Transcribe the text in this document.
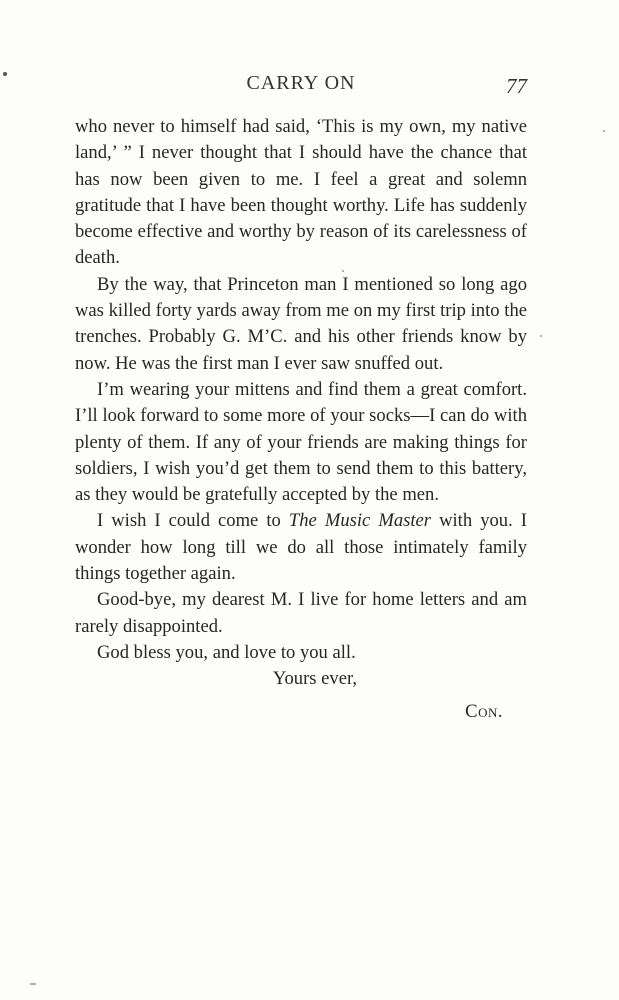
CARRY ON	77

who never to himself had said, ‘This is my own, my native land,’ ” I never thought that I should have the chance that has now been given to me. I feel a great and solemn gratitude that I have been thought worthy. Life has suddenly become effective and worthy by reason of its carelessness of death.

By the way, that Princeton man I mentioned so long ago was killed forty yards away from me on my first trip into the trenches. Probably G. M’C. and his other friends know by now. He was the first man I ever saw snuffed out.

I’m wearing your mittens and find them a great comfort. I’ll look forward to some more of your socks—I can do with plenty of them. If any of your friends are making things for soldiers, I wish you’d get them to send them to this battery, as they would be gratefully accepted by the men.

I wish I could come to The Music Master with you. I wonder how long till we do all those intimately family things together again.

Good-bye, my dearest M. I live for home letters and am rarely disappointed.

God bless you, and love to you all.

Yours ever,

Con.
